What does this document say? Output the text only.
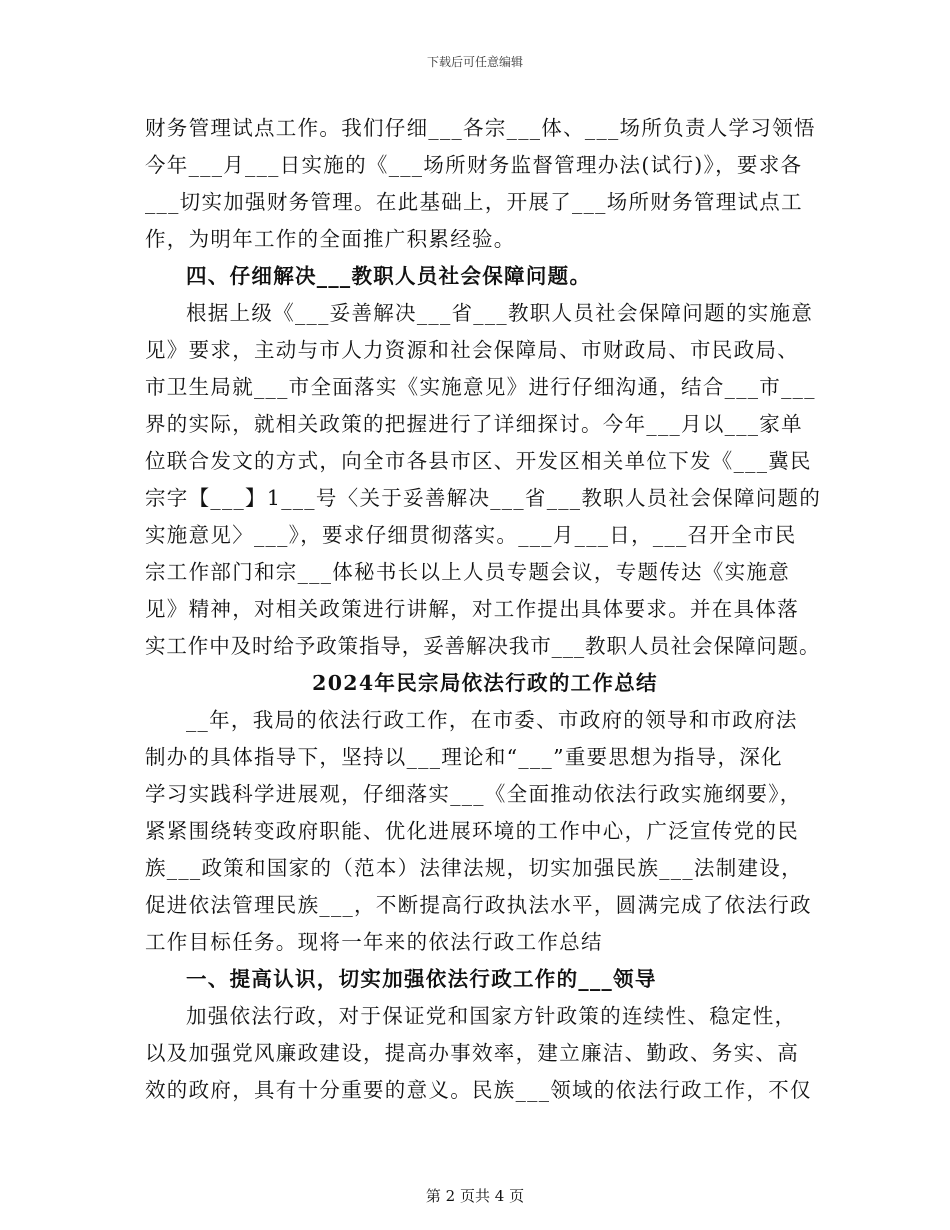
下载后可任意编辑
财务管理试点工作。我们仔细___各宗___体、___场所负责人学习领悟
今年___月___日实施的《___场所财务监督管理办法(试行)》，要求各
___切实加强财务管理。在此基础上，开展了___场所财务管理试点工
作，为明年工作的全面推广积累经验。
四、仔细解决___教职人员社会保障问题。
根据上级《___妥善解决___省___教职人员社会保障问题的实施意
见》要求，主动与市人力资源和社会保障局、市财政局、市民政局、
市卫生局就___市全面落实《实施意见》进行仔细沟通，结合___市___
界的实际，就相关政策的把握进行了详细探讨。今年___月以___家单
位联合发文的方式，向全市各县市区、开发区相关单位下发《___冀民
宗字【___】1___号〈关于妥善解决___省___教职人员社会保障问题的
实施意见〉___》，要求仔细贯彻落实。___月___日，___召开全市民
宗工作部门和宗___体秘书长以上人员专题会议，专题传达《实施意
见》精神，对相关政策进行讲解，对工作提出具体要求。并在具体落
实工作中及时给予政策指导，妥善解决我市___教职人员社会保障问题。
2024年民宗局依法行政的工作总结
__年，我局的依法行政工作，在市委、市政府的领导和市政府法
制办的具体指导下，坚持以___理论和“___”重要思想为指导，深化
学习实践科学进展观，仔细落实___《全面推动依法行政实施纲要》，
紧紧围绕转变政府职能、优化进展环境的工作中心，广泛宣传党的民
族___政策和国家的（范本）法律法规，切实加强民族___法制建设，
促进依法管理民族___，不断提高行政执法水平，圆满完成了依法行政
工作目标任务。现将一年来的依法行政工作总结
一、提高认识，切实加强依法行政工作的___领导
加强依法行政，对于保证党和国家方针政策的连续性、稳定性，
以及加强党风廉政建设，提高办事效率，建立廉洁、勤政、务实、高
效的政府，具有十分重要的意义。民族___领域的依法行政工作，不仅
第 2 页共 4 页
